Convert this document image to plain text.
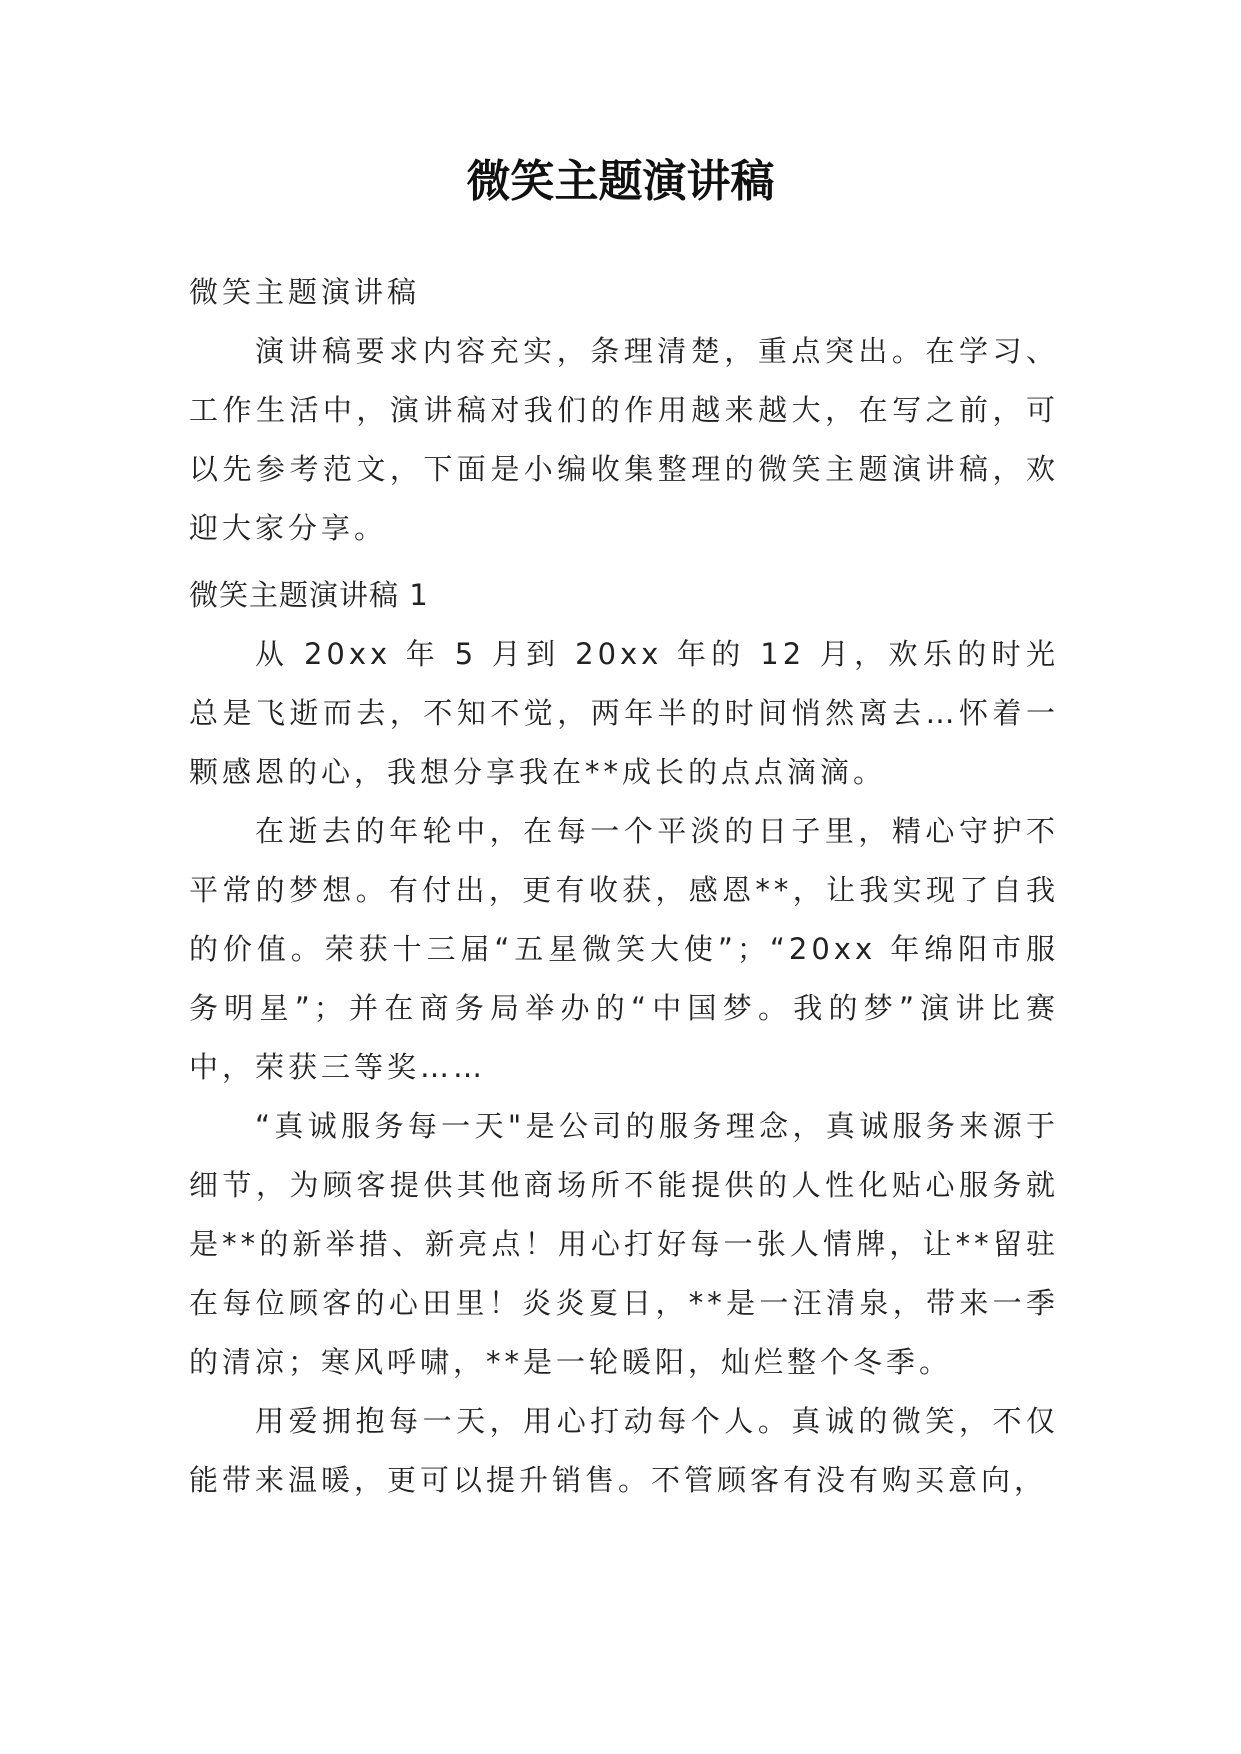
微笑主题演讲稿

微笑主题演讲稿

演讲稿要求内容充实，条理清楚，重点突出。在学习、工作生活中，演讲稿对我们的作用越来越大，在写之前，可以先参考范文，下面是小编收集整理的微笑主题演讲稿，欢迎大家分享。

微笑主题演讲稿 1

从 20xx 年 5 月到 20xx 年的 12 月，欢乐的时光总是飞逝而去，不知不觉，两年半的时间悄然离去…怀着一颗感恩的心，我想分享我在**成长的点点滴滴。

在逝去的年轮中，在每一个平淡的日子里，精心守护不平常的梦想。有付出，更有收获，感恩**，让我实现了自我的价值。荣获十三届“五星微笑大使”；“20xx 年绵阳市服务明星”；并在商务局举办的“中国梦。我的梦”演讲比赛中，荣获三等奖……

“真诚服务每一天"是公司的服务理念，真诚服务来源于细节，为顾客提供其他商场所不能提供的人性化贴心服务就是**的新举措、新亮点！用心打好每一张人情牌，让**留驻在每位顾客的心田里！炎炎夏日，**是一汪清泉，带来一季的清凉；寒风呼啸，**是一轮暖阳，灿烂整个冬季。

用爱拥抱每一天，用心打动每个人。真诚的微笑，不仅能带来温暖，更可以提升销售。不管顾客有没有购买意向，
